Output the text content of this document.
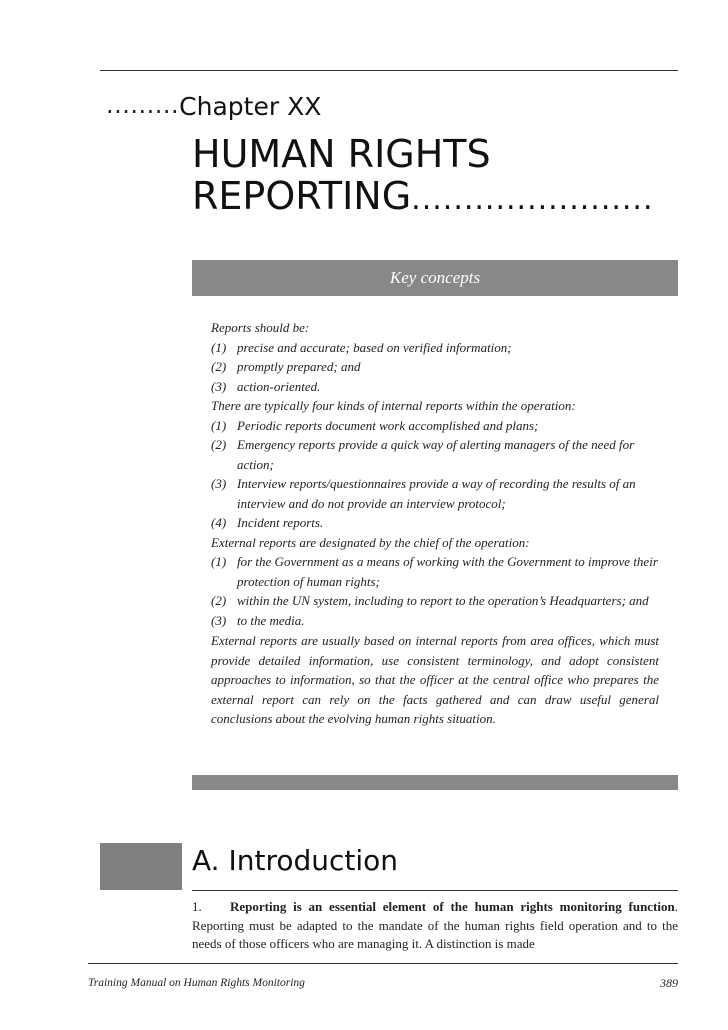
.........Chapter XX
HUMAN RIGHTS
REPORTING.......................
Key concepts
Reports should be:
(1) precise and accurate; based on verified information;
(2) promptly prepared; and
(3) action-oriented.
There are typically four kinds of internal reports within the operation:
(1) Periodic reports document work accomplished and plans;
(2) Emergency reports provide a quick way of alerting managers of the need for action;
(3) Interview reports/questionnaires provide a way of recording the results of an interview and do not provide an interview protocol;
(4) Incident reports.
External reports are designated by the chief of the operation:
(1) for the Government as a means of working with the Government to improve their protection of human rights;
(2) within the UN system, including to report to the operation’s Headquarters; and
(3) to the media.
External reports are usually based on internal reports from area offices, which must provide detailed information, use consistent terminology, and adopt consistent approaches to information, so that the officer at the central office who prepares the external report can rely on the facts gathered and can draw useful general conclusions about the evolving human rights situation.
A. Introduction
1. Reporting is an essential element of the human rights monitoring function. Reporting must be adapted to the mandate of the human rights field operation and to the needs of those officers who are managing it. A distinction is made
Training Manual on Human Rights Monitoring	389
